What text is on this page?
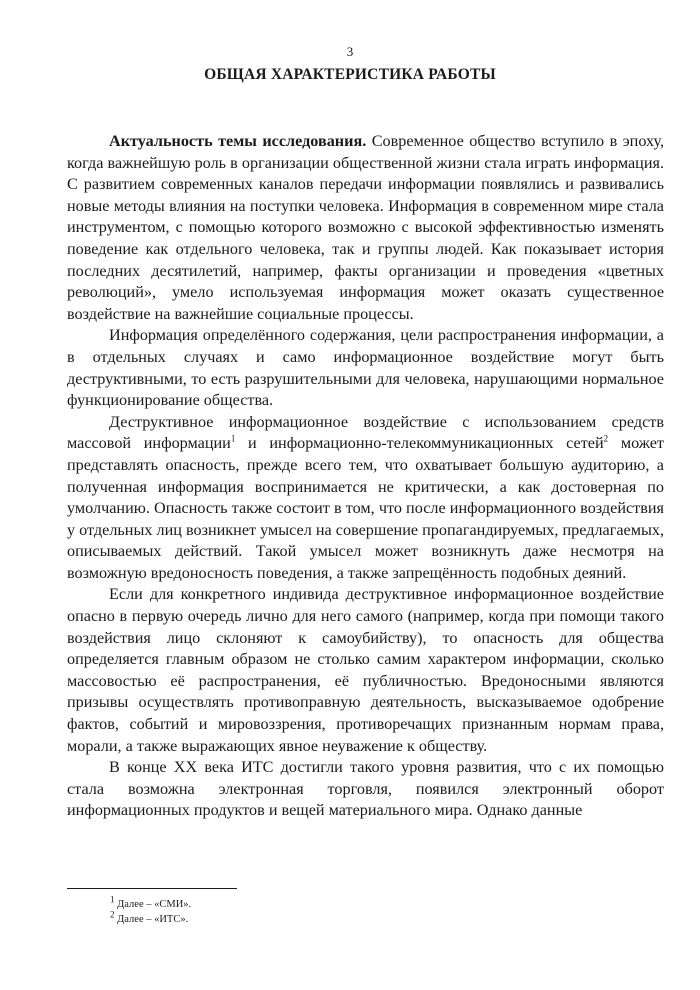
3
ОБЩАЯ ХАРАКТЕРИСТИКА РАБОТЫ

Актуальность темы исследования. Современное общество вступило в эпоху, когда важнейшую роль в организации общественной жизни стала играть информация. С развитием современных каналов передачи информации появлялись и развивались новые методы влияния на поступки человека. Информация в современном мире стала инструментом, с помощью которого возможно с высокой эффективностью изменять поведение как отдельного человека, так и группы людей. Как показывает история последних десятилетий, например, факты организации и проведения «цветных революций», умело используемая информация может оказать существенное воздействие на важнейшие социальные процессы.

Информация определённого содержания, цели распространения информации, а в отдельных случаях и само информационное воздействие могут быть деструктивными, то есть разрушительными для человека, нарушающими нормальное функционирование общества.

Деструктивное информационное воздействие с использованием средств массовой информации$^1$ и информационно-телекоммуникационных сетей$^2$ может представлять опасность, прежде всего тем, что охватывает большую аудиторию, а полученная информация воспринимается не критически, а как достоверная по умолчанию. Опасность также состоит в том, что после информационного воздействия у отдельных лиц возникнет умысел на совершение пропагандируемых, предлагаемых, описываемых действий. Такой умысел может возникнуть даже несмотря на возможную вредоносность поведения, а также запрещённость подобных деяний.

Если для конкретного индивида деструктивное информационное воздействие опасно в первую очередь лично для него самого (например, когда при помощи такого воздействия лицо склоняют к самоубийству), то опасность для общества определяется главным образом не столько самим характером информации, сколько массовостью её распространения, её публичностью. Вредоносными являются призывы осуществлять противоправную деятельность, высказываемое одобрение фактов, событий и мировоззрения, противоречащих признанным нормам права, морали, а также выражающих явное неуважение к обществу.

В конце XX века ИТС достигли такого уровня развития, что с их помощью стала возможна электронная торговля, появился электронный оборот информационных продуктов и вещей материального мира. Однако данные

$^1$ Далее – «СМИ».
$^2$ Далее – «ИТС».
